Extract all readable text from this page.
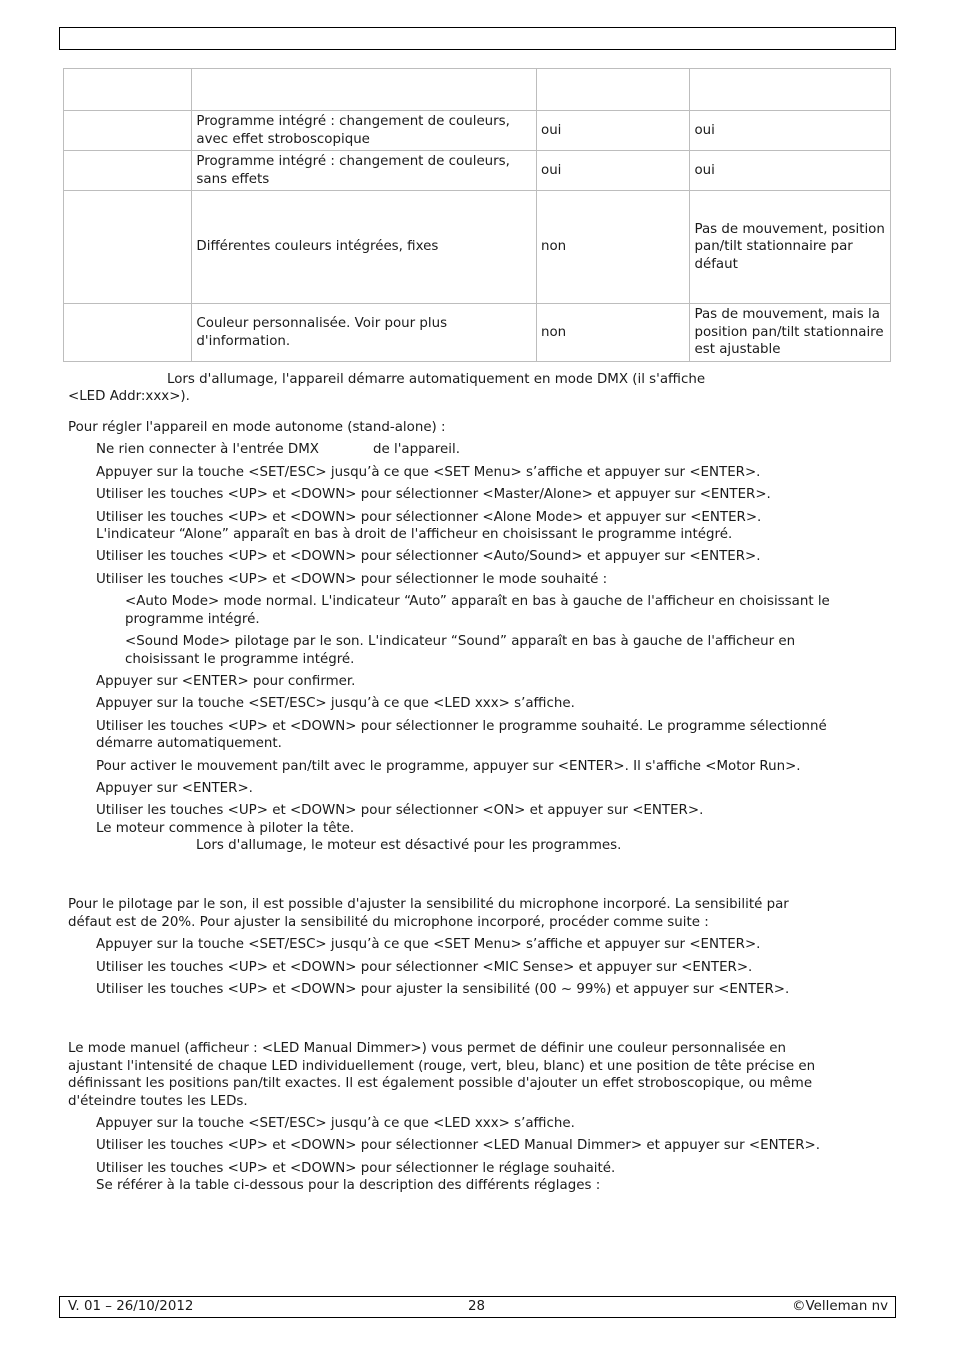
	Programme intégré : changement de couleurs, avec effet stroboscopique	oui	oui
	Programme intégré : changement de couleurs, sans effets	oui	oui
	Différentes couleurs intégrées, fixes	non	Pas de mouvement, position pan/tilt stationnaire par défaut
	Couleur personnalisée. Voir pour plus d'information.	non	Pas de mouvement, mais la position pan/tilt stationnaire est ajustable
Lors d'allumage, l'appareil démarre automatiquement en mode DMX (il s'affiche
<LED Addr:xxx>).
Pour régler l'appareil en mode autonome (stand-alone) :
Ne rien connecter à l'entrée DMX	de l'appareil.
Appuyer sur la touche <SET/ESC> jusqu’à ce que <SET Menu> s’affiche et appuyer sur <ENTER>.
Utiliser les touches <UP> et <DOWN> pour sélectionner <Master/Alone> et appuyer sur <ENTER>.
Utiliser les touches <UP> et <DOWN> pour sélectionner <Alone Mode> et appuyer sur <ENTER>.
L'indicateur “Alone” apparaît en bas à droit de l'afficheur en choisissant le programme intégré.
Utiliser les touches <UP> et <DOWN> pour sélectionner <Auto/Sound> et appuyer sur <ENTER>.
Utiliser les touches <UP> et <DOWN> pour sélectionner le mode souhaité :
<Auto Mode> mode normal. L'indicateur “Auto” apparaît en bas à gauche de l'afficheur en choisissant le
programme intégré.
<Sound Mode> pilotage par le son. L'indicateur “Sound” apparaît en bas à gauche de l'afficheur en
choisissant le programme intégré.
Appuyer sur <ENTER> pour confirmer.
Appuyer sur la touche <SET/ESC> jusqu’à ce que <LED xxx> s’affiche.
Utiliser les touches <UP> et <DOWN> pour sélectionner le programme souhaité. Le programme sélectionné
démarre automatiquement.
Pour activer le mouvement pan/tilt avec le programme, appuyer sur <ENTER>. Il s'affiche <Motor Run>.
Appuyer sur <ENTER>.
Utiliser les touches <UP> et <DOWN> pour sélectionner <ON> et appuyer sur <ENTER>.
Le moteur commence à piloter la tête.
Lors d'allumage, le moteur est désactivé pour les programmes.
Pour le pilotage par le son, il est possible d'ajuster la sensibilité du microphone incorporé. La sensibilité par
défaut est de 20%. Pour ajuster la sensibilité du microphone incorporé, procéder comme suite :
Appuyer sur la touche <SET/ESC> jusqu’à ce que <SET Menu> s’affiche et appuyer sur <ENTER>.
Utiliser les touches <UP> et <DOWN> pour sélectionner <MIC Sense> et appuyer sur <ENTER>.
Utiliser les touches <UP> et <DOWN> pour ajuster la sensibilité (00 ~ 99%) et appuyer sur <ENTER>.
Le mode manuel (afficheur : <LED Manual Dimmer>) vous permet de définir une couleur personnalisée en
ajustant l'intensité de chaque LED individuellement (rouge, vert, bleu, blanc) et une position de tête précise en
définissant les positions pan/tilt exactes. Il est également possible d'ajouter un effet stroboscopique, ou même
d'éteindre toutes les LEDs.
Appuyer sur la touche <SET/ESC> jusqu’à ce que <LED xxx> s’affiche.
Utiliser les touches <UP> et <DOWN> pour sélectionner <LED Manual Dimmer> et appuyer sur <ENTER>.
Utiliser les touches <UP> et <DOWN> pour sélectionner le réglage souhaité.
Se référer à la table ci-dessous pour la description des différents réglages :
V. 01 – 26/10/2012	28	©Velleman nv
